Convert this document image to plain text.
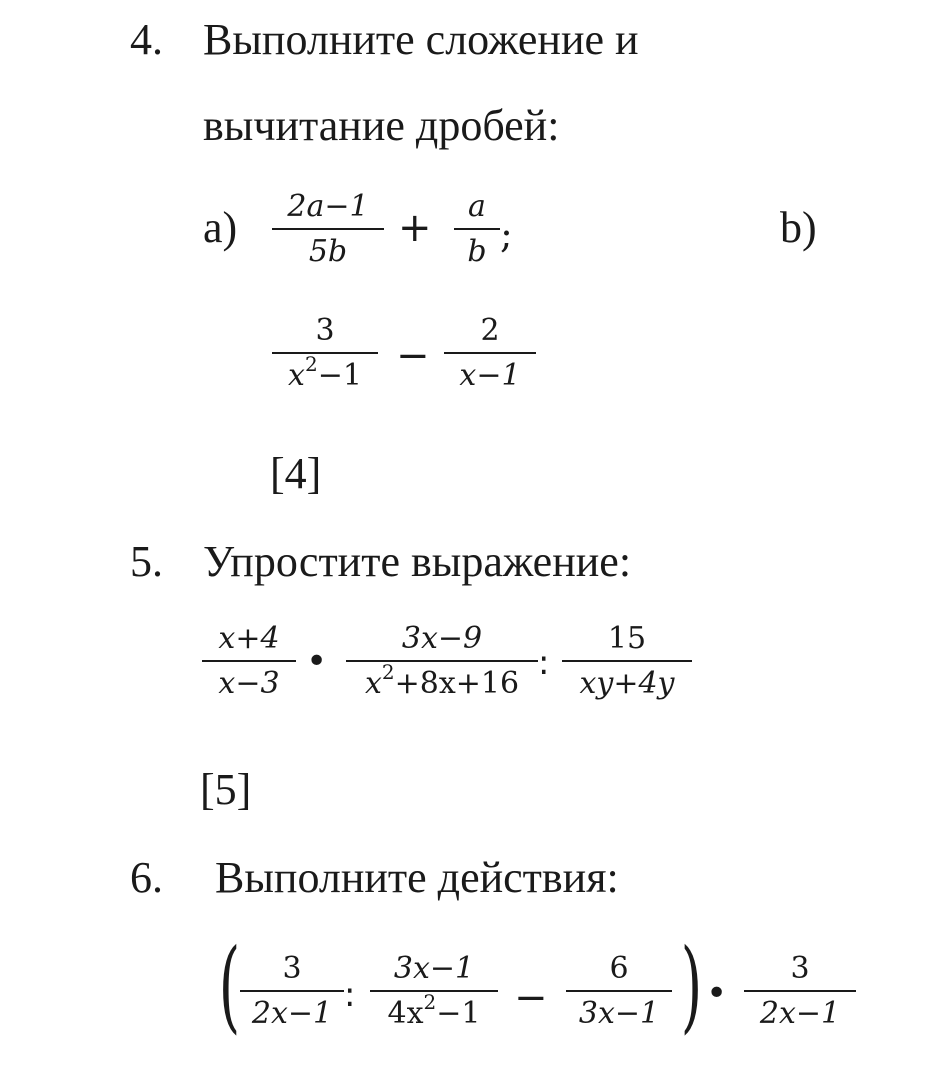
4. Выполните сложение и
вычитание дробей:
а) 2a−1
5b
+ a
b ;	b)
3
$x^2-1$ −
2
x−1
[4]
5. Упростите выражение:
x+4
x−3
•
3x−9
$x^2+8x+16$
:
15
xy+4y
[5]
6. Выполните действия:
( 3
2x−1 :
3x−1
$4x^2-1$ −
6
3x−1 ) •
3
2x−1
